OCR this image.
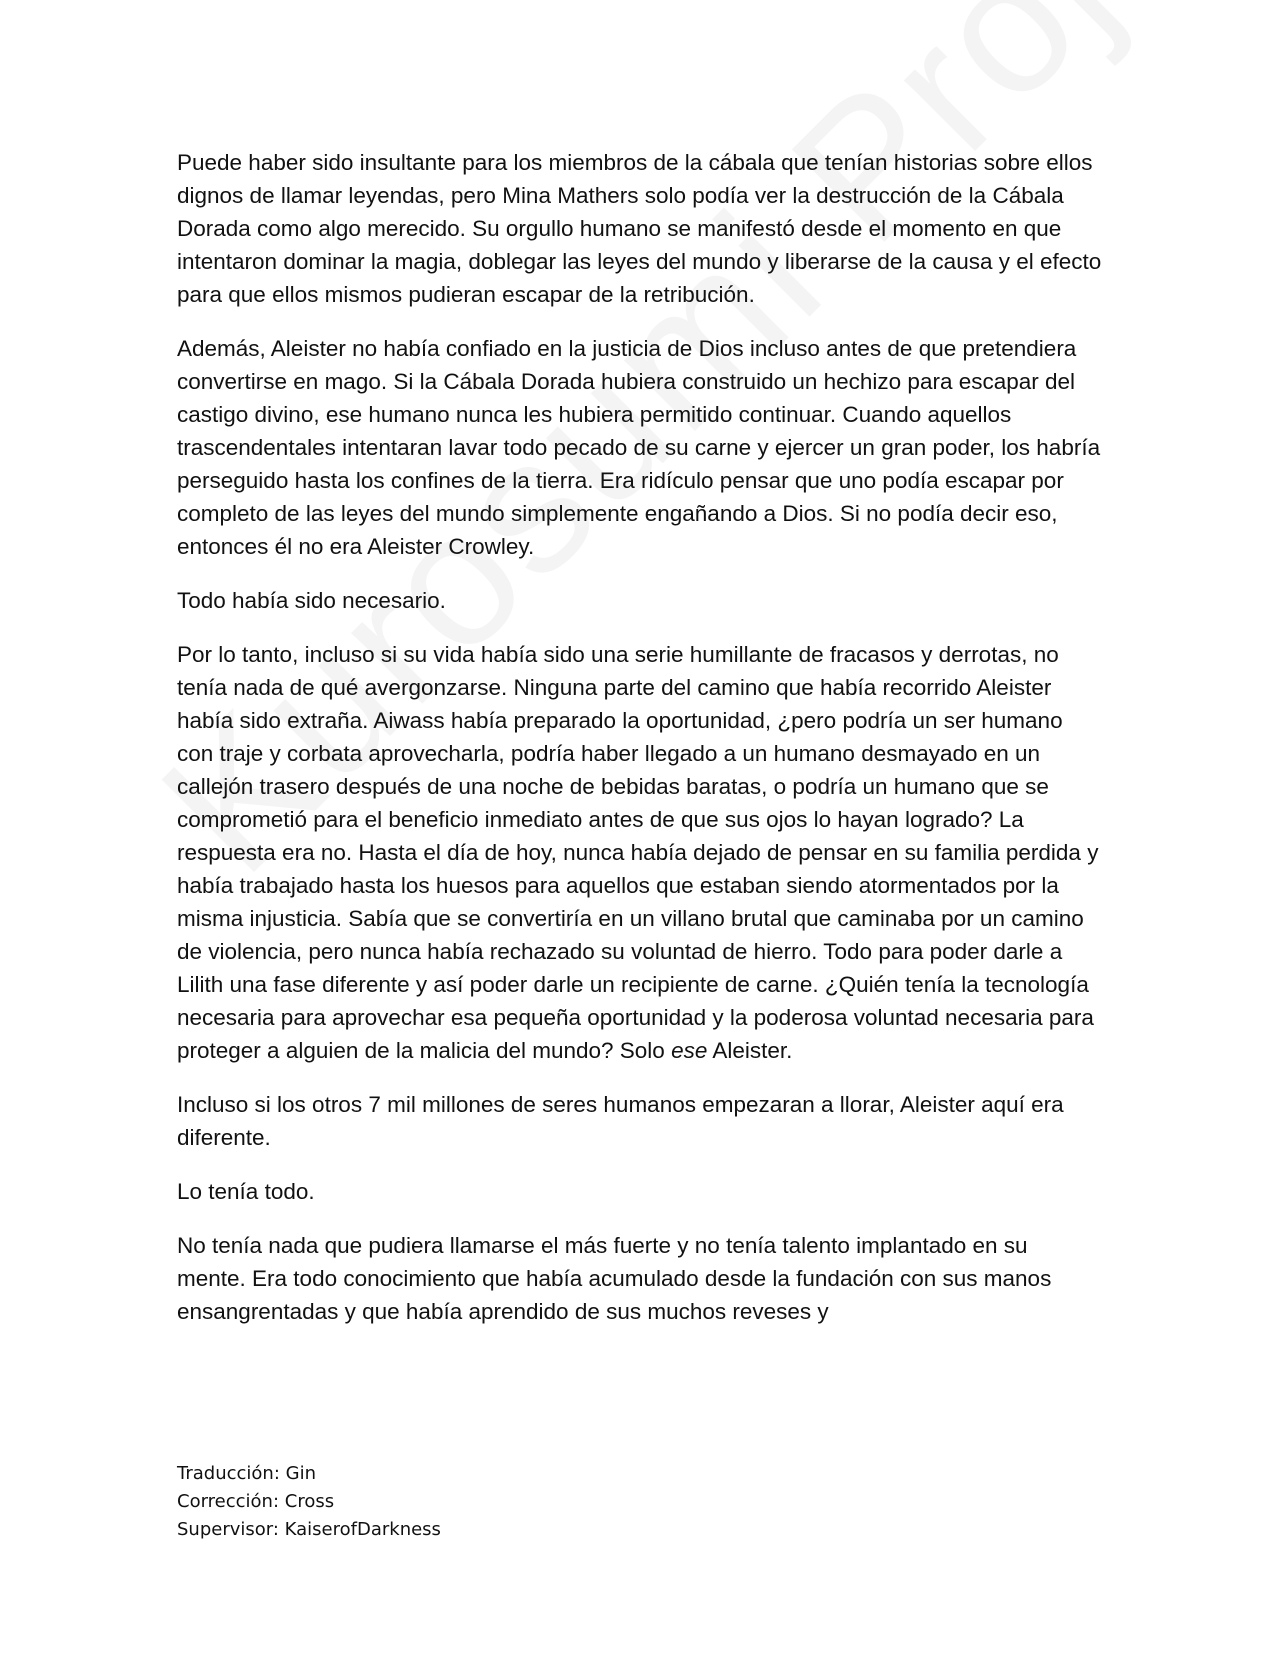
Puede haber sido insultante para los miembros de la cábala que tenían historias sobre ellos dignos de llamar leyendas, pero Mina Mathers solo podía ver la destrucción de la Cábala Dorada como algo merecido. Su orgullo humano se manifestó desde el momento en que intentaron dominar la magia, doblegar las leyes del mundo y liberarse de la causa y el efecto para que ellos mismos pudieran escapar de la retribución.

Además, Aleister no había confiado en la justicia de Dios incluso antes de que pretendiera convertirse en mago. Si la Cábala Dorada hubiera construido un hechizo para escapar del castigo divino, ese humano nunca les hubiera permitido continuar. Cuando aquellos trascendentales intentaran lavar todo pecado de su carne y ejercer un gran poder, los habría perseguido hasta los confines de la tierra. Era ridículo pensar que uno podía escapar por completo de las leyes del mundo simplemente engañando a Dios. Si no podía decir eso, entonces él no era Aleister Crowley.

Todo había sido necesario.

Por lo tanto, incluso si su vida había sido una serie humillante de fracasos y derrotas, no tenía nada de qué avergonzarse. Ninguna parte del camino que había recorrido Aleister había sido extraña. Aiwass había preparado la oportunidad, ¿pero podría un ser humano con traje y corbata aprovecharla, podría haber llegado a un humano desmayado en un callejón trasero después de una noche de bebidas baratas, o podría un humano que se comprometió para el beneficio inmediato antes de que sus ojos lo hayan logrado? La respuesta era no. Hasta el día de hoy, nunca había dejado de pensar en su familia perdida y había trabajado hasta los huesos para aquellos que estaban siendo atormentados por la misma injusticia. Sabía que se convertiría en un villano brutal que caminaba por un camino de violencia, pero nunca había rechazado su voluntad de hierro. Todo para poder darle a Lilith una fase diferente y así poder darle un recipiente de carne. ¿Quién tenía la tecnología necesaria para aprovechar esa pequeña oportunidad y la poderosa voluntad necesaria para proteger a alguien de la malicia del mundo? Solo ese Aleister.

Incluso si los otros 7 mil millones de seres humanos empezaran a llorar, Aleister aquí era diferente.

Lo tenía todo.

No tenía nada que pudiera llamarse el más fuerte y no tenía talento implantado en su mente. Era todo conocimiento que había acumulado desde la fundación con sus manos ensangrentadas y que había aprendido de sus muchos reveses y

Traducción: Gin
Corrección: Cross
Supervisor: KaiserofDarkness
